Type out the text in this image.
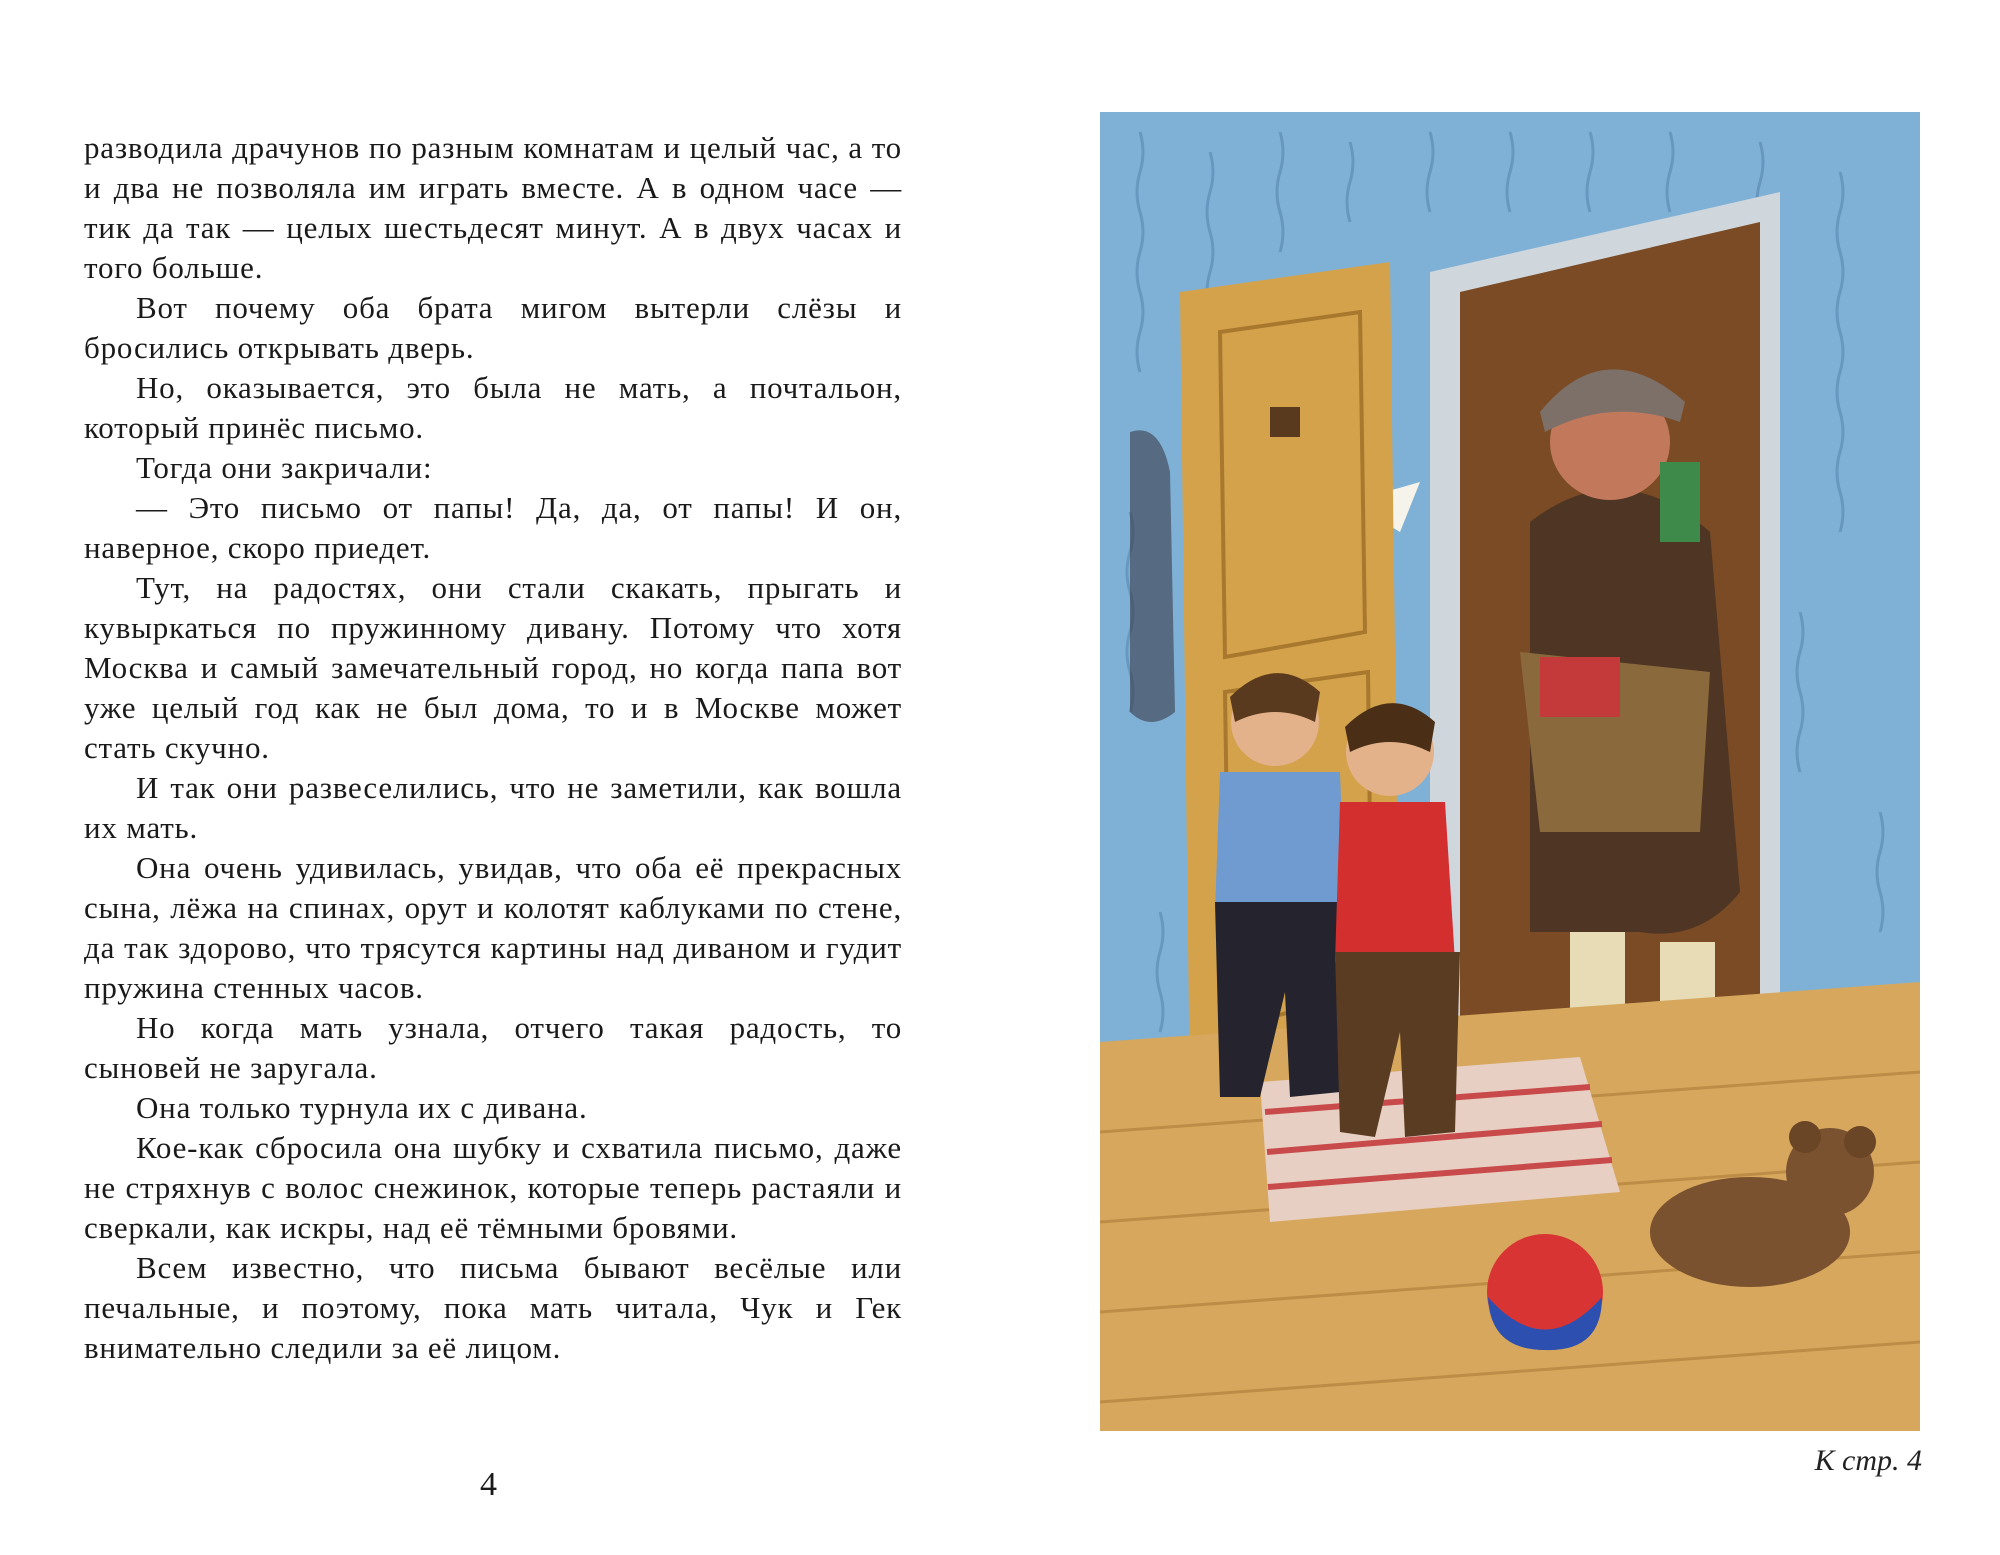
разводила драчунов по разным комнатам и целый час, а то и два не позволяла им играть вместе. А в одном часе — тик да так — целых шестьдесят минут. А в двух часах и того больше.

Вот почему оба брата мигом вытерли слёзы и бросились открывать дверь.

Но, оказывается, это была не мать, а почтальон, который принёс письмо.

Тогда они закричали:

— Это письмо от папы! Да, да, от папы! И он, наверное, скоро приедет.

Тут, на радостях, они стали скакать, прыгать и кувыркаться по пружинному дивану. Потому что хотя Москва и самый замечательный город, но когда папа вот уже целый год как не был дома, то и в Москве может стать скучно.

И так они развеселились, что не заметили, как вошла их мать.

Она очень удивилась, увидав, что оба её прекрасных сына, лёжа на спинах, орут и колотят каблуками по стене, да так здорово, что трясутся картины над диваном и гудит пружина стенных часов.

Но когда мать узнала, отчего такая радость, то сыновей не заругала.

Она только турнула их с дивана.

Кое-как сбросила она шубку и схватила письмо, даже не стряхнув с волос снежинок, которые теперь растаяли и сверкали, как искры, над её тёмными бровями.

Всем известно, что письма бывают весёлые или печальные, и поэтому, пока мать читала, Чук и Гек внимательно следили за её лицом.

4
К стр. 4
